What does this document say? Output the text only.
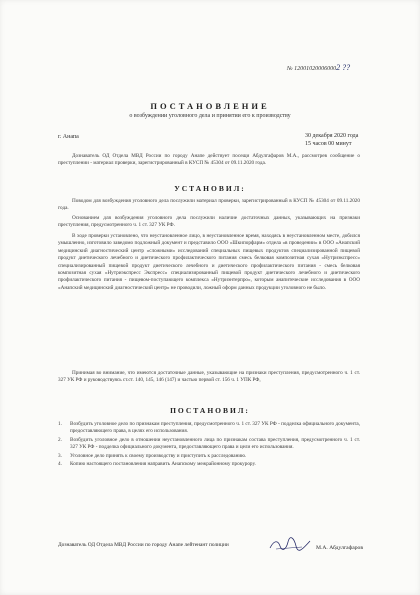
№ 120010200060002 ??
ПОСТАНОВЛЕНИЕ
о возбуждении уголовного дела и принятии его к производству
г. Анапа	30 декабря 2020 года
15 часов 00 минут
Дознаватель ОД Отдела МВД России по городу Анапе действует посещи Абдулгафаров М.А., рассмотрев сообщение о преступлении - материал проверки, зарегистрированный в КУСП № 45304 от 09.11.2020 года.
УСТАНОВИЛ:
Поводом для возбуждения уголовного дела послужили материал проверки, зарегистрированный в КУСП № 45304 от 09.11.2020 года.
Основанием для возбуждения уголовного дела послужили наличие достаточных данных, указывающих на признаки преступления, предусмотренного ч. 1 ст. 327 УК РФ.
В ходе проверки установлено, что неустановленное лицо, в неустановленное время, находясь в неустановленном месте, добился умышленно, изготовило заведомо подложный документ и представило ООО «Шкипорфарм» отдела «в проведении» в ООО «Анапский медицинский диагностический центр «сложными» исследований специальных пищевых продуктов специализированной пищевой продукт диетического лечебного и диетического профилактического питания смесь белковая композитная сухая «Нутриэкспресс» специализированный пищевой продукт диетического лечебного и диетического профилактического питания - смесь белковая композитная сухая «Нутриэкспресс Экспресс» специализированный пищевой продукт диетического лечебного и диетического профилактического питания - пищевом-поступающего комплекса «Нутриэнтерпро», которым анапитеческие исследования в ООО «Анапский медицинский диагностический центр» не проводили, ложный оформ данных продукции уголовного не было.
Принимая во внимание, что имеются достаточные данные, указывающие на признаки преступления, предусмотренного ч. 1 ст. 327 УК РФ и руководствуясь ст.ст. 140, 145, 146 (147) и частью первой ст. 156 ч. 1 УПК РФ,
ПОСТАНОВИЛ:
1. Возбудить уголовное дело по признакам преступления, предусмотренного ч. 1 ст. 327 УК РФ - подделка официального документа, предоставляющего права, в целях его использования.
2. Возбудить уголовное дело в отношении неустановленного лица по признакам состава преступления, предусмотренного ч. 1 ст. 327 УК РФ - подделка официального документа, предоставляющего права и цели его использования.
3. Уголовное дело принять к своему производству и приступить к расследованию.
4. Копию настоящего постановления направить Анапскому межрайонному прокурору.
Дознаватель ОД Отдела МВД России по городу Анапе лейтенант полиции	М.А. Абдулгафаров
